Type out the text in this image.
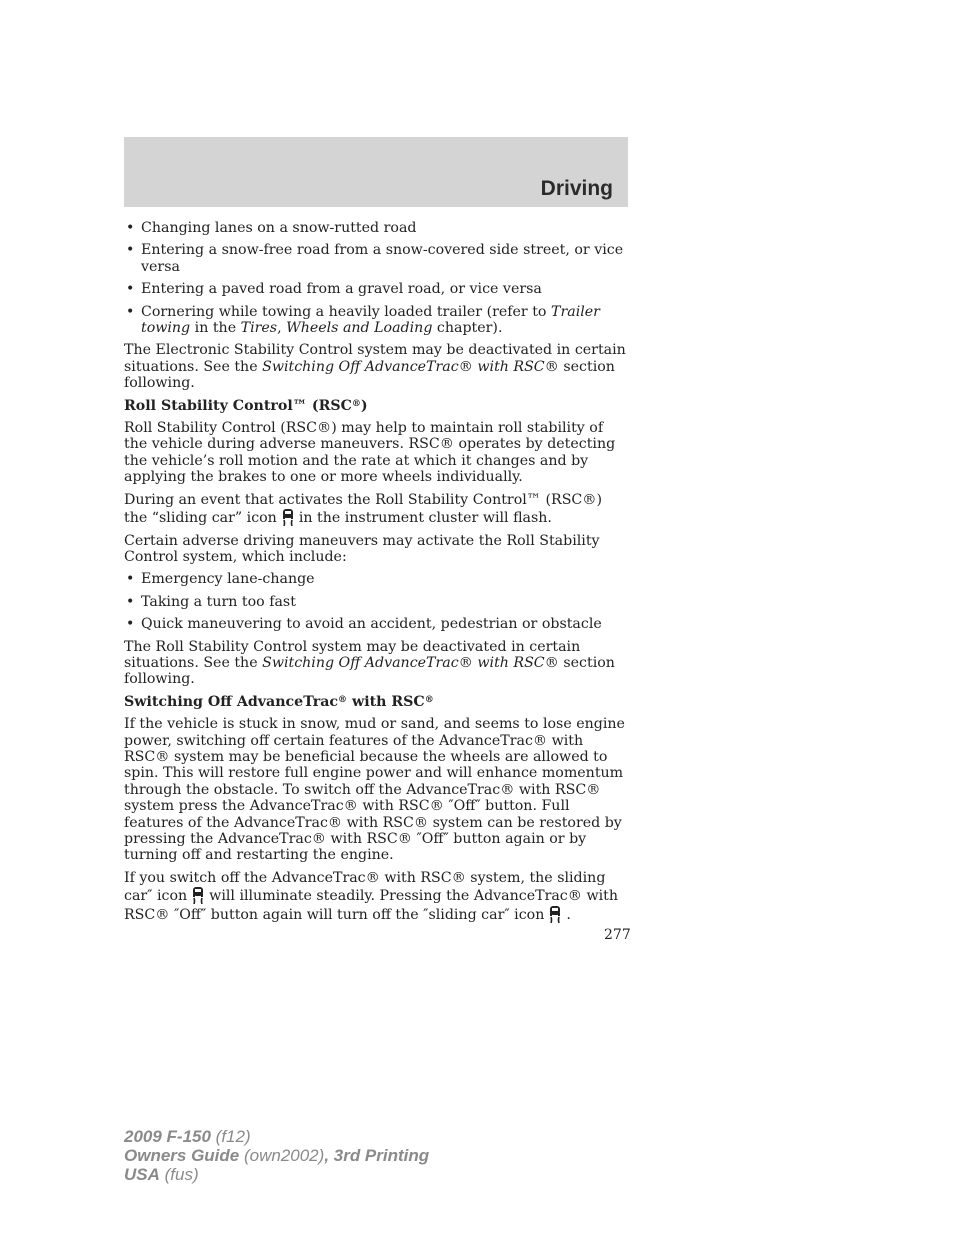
Driving
• Changing lanes on a snow-rutted road
• Entering a snow-free road from a snow-covered side street, or vice versa
• Entering a paved road from a gravel road, or vice versa
• Cornering while towing a heavily loaded trailer (refer to Trailer towing in the Tires, Wheels and Loading chapter).

The Electronic Stability Control system may be deactivated in certain situations. See the Switching Off AdvanceTrac® with RSC® section following.

Roll Stability Control™ (RSC®)

Roll Stability Control (RSC®) may help to maintain roll stability of the vehicle during adverse maneuvers. RSC® operates by detecting the vehicle’s roll motion and the rate at which it changes and by applying the brakes to one or more wheels individually.

During an event that activates the Roll Stability Control™ (RSC®) the “sliding car” icon in the instrument cluster will flash.

Certain adverse driving maneuvers may activate the Roll Stability Control system, which include:

• Emergency lane-change
• Taking a turn too fast
• Quick maneuvering to avoid an accident, pedestrian or obstacle

The Roll Stability Control system may be deactivated in certain situations. See the Switching Off AdvanceTrac® with RSC® section following.

Switching Off AdvanceTrac® with RSC®

If the vehicle is stuck in snow, mud or sand, and seems to lose engine power, switching off certain features of the AdvanceTrac® with RSC® system may be beneficial because the wheels are allowed to spin. This will restore full engine power and will enhance momentum through the obstacle. To switch off the AdvanceTrac® with RSC® system press the AdvanceTrac® with RSC® ″Off″ button. Full features of the AdvanceTrac® with RSC® system can be restored by pressing the AdvanceTrac® with RSC® ″Off″ button again or by turning off and restarting the engine.

If you switch off the AdvanceTrac® with RSC® system, the sliding car″ icon will illuminate steadily. Pressing the AdvanceTrac® with RSC® ″Off″ button again will turn off the ″sliding car″ icon .

277
2009 F-150 (f12)
Owners Guide (own2002), 3rd Printing
USA (fus)
